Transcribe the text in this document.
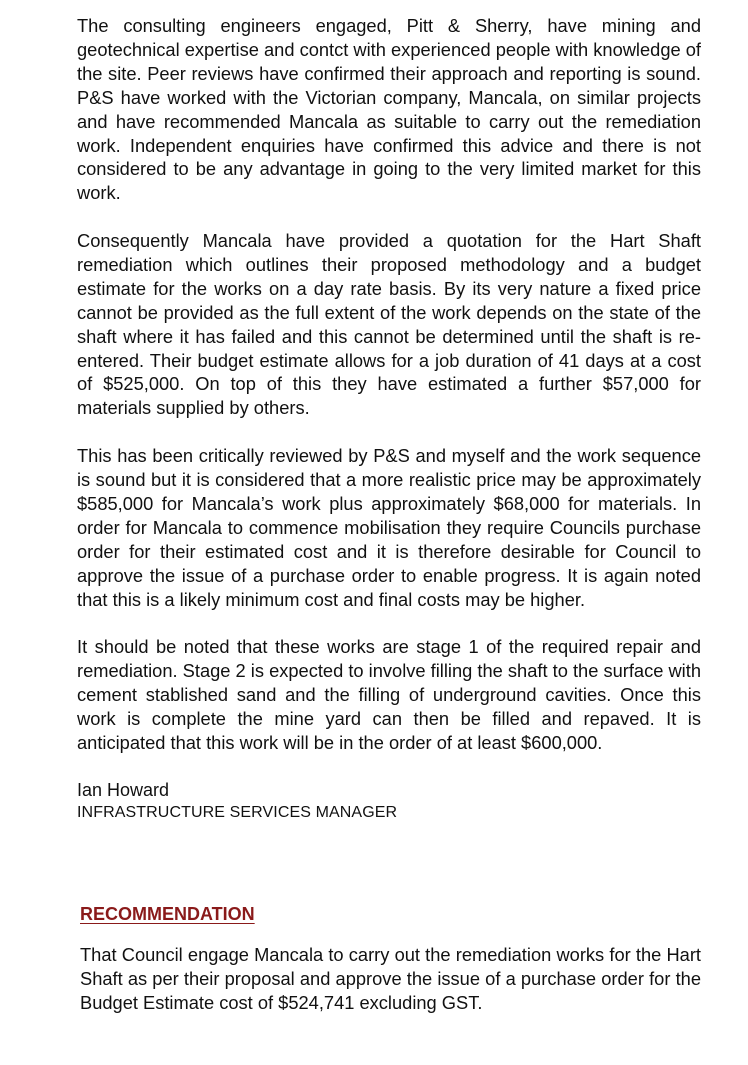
The consulting engineers engaged, Pitt & Sherry, have mining and geotechnical expertise and contct with experienced people with knowledge of the site. Peer reviews have confirmed their approach and reporting is sound. P&S have worked with the Victorian company, Mancala, on similar projects and have recommended Mancala as suitable to carry out the remediation work. Independent enquiries have confirmed this advice and there is not considered to be any advantage in going to the very limited market for this work.

Consequently Mancala have provided a quotation for the Hart Shaft remediation which outlines their proposed methodology and a budget estimate for the works on a day rate basis. By its very nature a fixed price cannot be provided as the full extent of the work depends on the state of the shaft where it has failed and this cannot be determined until the shaft is re-entered. Their budget estimate allows for a job duration of 41 days at a cost of $525,000. On top of this they have estimated a further $57,000 for materials supplied by others.

This has been critically reviewed by P&S and myself and the work sequence is sound but it is considered that a more realistic price may be approximately $585,000 for Mancala’s work plus approximately $68,000 for materials. In order for Mancala to commence mobilisation they require Councils purchase order for their estimated cost and it is therefore desirable for Council to approve the issue of a purchase order to enable progress. It is again noted that this is a likely minimum cost and final costs may be higher.

It should be noted that these works are stage 1 of the required repair and remediation. Stage 2 is expected to involve filling the shaft to the surface with cement stablished sand and the filling of underground cavities. Once this work is complete the mine yard can then be filled and repaved. It is anticipated that this work will be in the order of at least $600,000.

Ian Howard

INFRASTRUCTURE SERVICES MANAGER

RECOMMENDATION

That Council engage Mancala to carry out the remediation works for the Hart Shaft as per their proposal and approve the issue of a purchase order for the Budget Estimate cost of $524,741 excluding GST.
